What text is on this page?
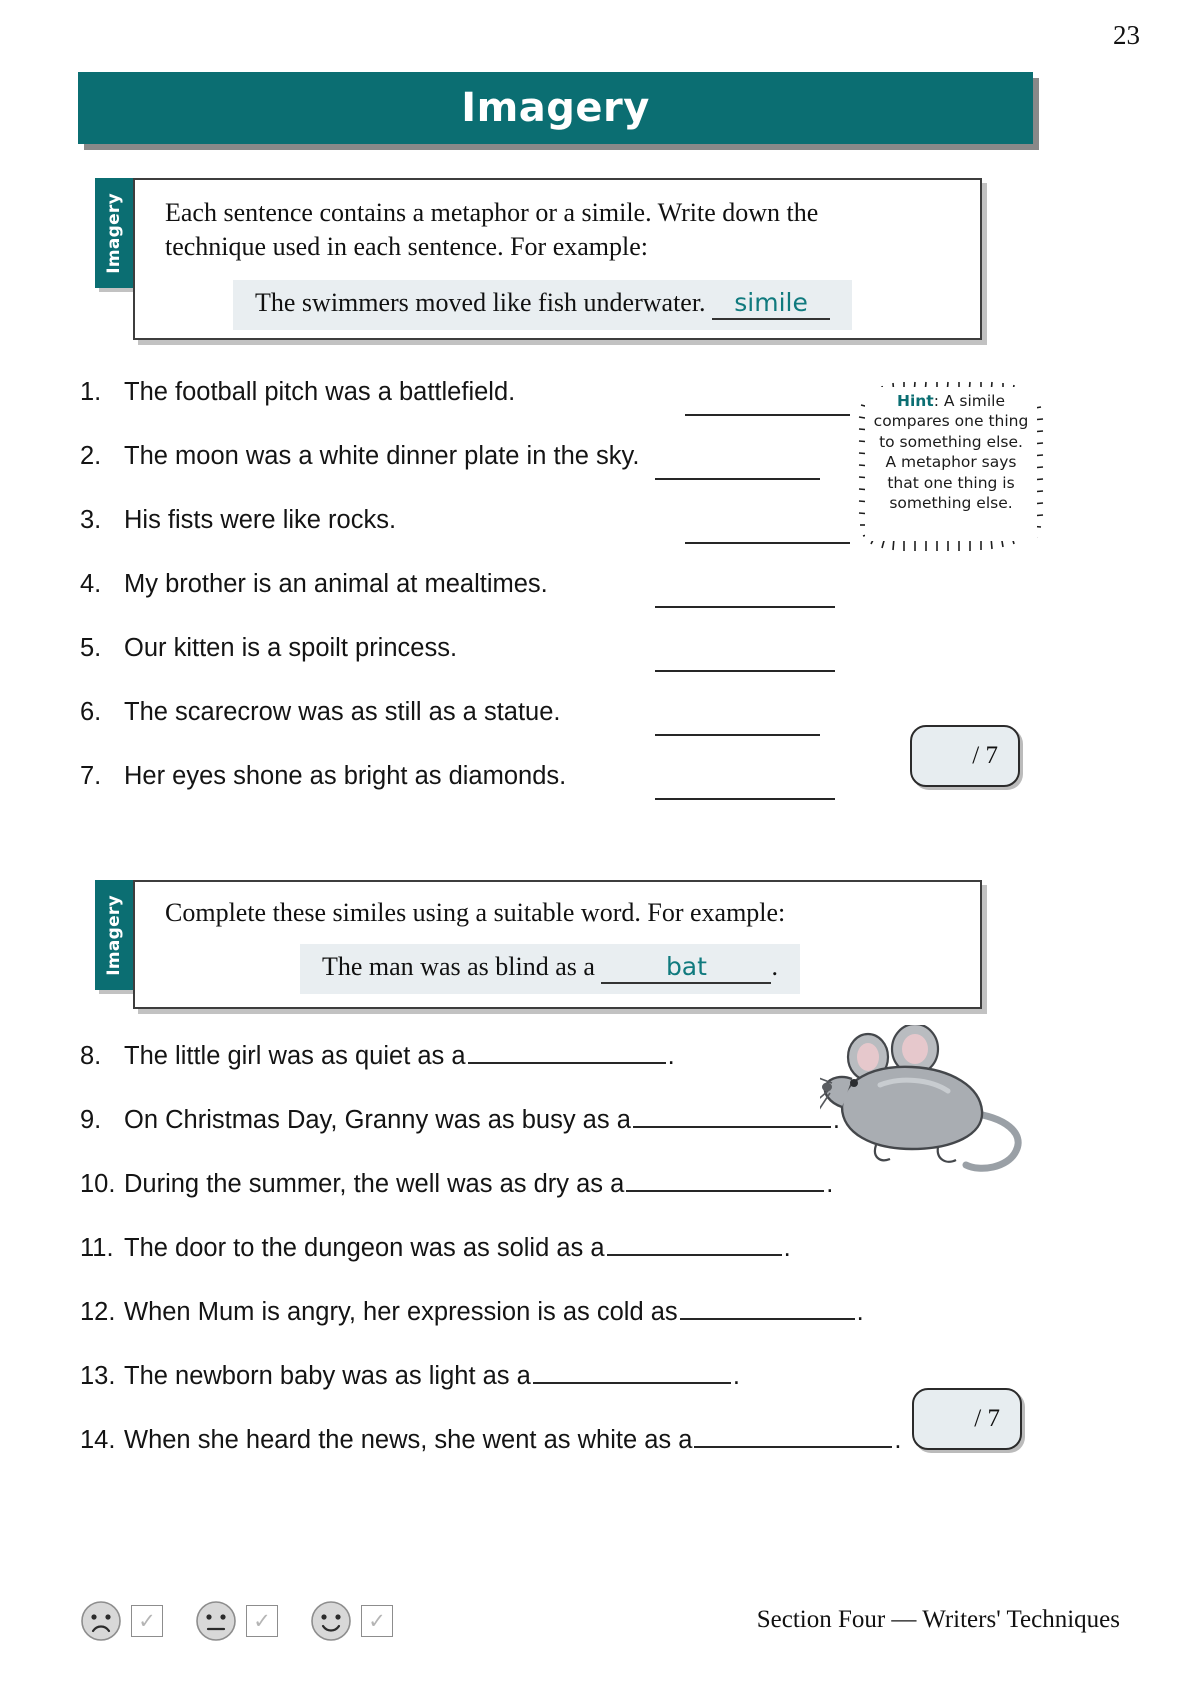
23
Imagery
Imagery Each sentence contains a metaphor or a simile. Write down the technique used in each sentence. For example:
The swimmers moved like fish underwater. simile
1. The football pitch was a battlefield.
2. The moon was a white dinner plate in the sky.
3. His fists were like rocks.
4. My brother is an animal at mealtimes.
5. Our kitten is a spoilt princess.
6. The scarecrow was as still as a statue.
7. Her eyes shone as bright as diamonds.
Hint: A simile
compares one thing
to something else.
A metaphor says
that one thing is
something else.
/ 7
Imagery Complete these similes using a suitable word. For example:
The man was as blind as a	bat .
8. The little girl was as quiet as a	.
9. On Christmas Day, Granny was as busy as a	.
10. During the summer, the well was as dry as a	.
11. The door to the dungeon was as solid as a	.
12. When Mum is angry, her expression is as cold as	.
13. The newborn baby was as light as a	.
14. When she heard the news, she went as white as a	.
/ 7
✓	✓	✓	Section Four — Writers' Techniques
